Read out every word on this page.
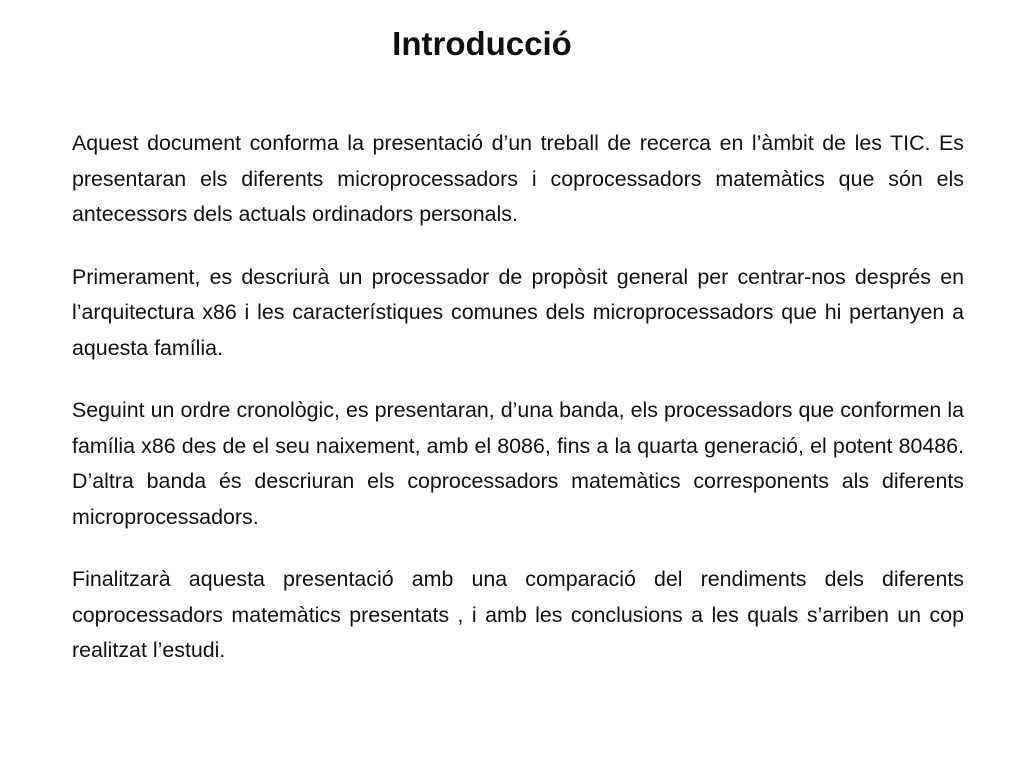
Introducció

Aquest document conforma la presentació d’un treball de recerca en l’àmbit de les TIC. Es presentaran els diferents microprocessadors i coprocessadors matemàtics que són els antecessors dels actuals ordinadors personals.

Primerament, es descriurà un processador de propòsit general per centrar-nos després en l’arquitectura x86 i les característiques comunes dels microprocessadors que hi pertanyen a aquesta família.

Seguint un ordre cronològic, es presentaran, d’una banda, els processadors que conformen la família x86 des de el seu naixement, amb el 8086, fins a la quarta generació, el potent 80486. D’altra banda és descriuran els coprocessadors matemàtics corresponents als diferents microprocessadors.

Finalitzarà aquesta presentació amb una comparació del rendiments dels diferents coprocessadors matemàtics presentats , i amb les conclusions a les quals s’arriben un cop realitzat l’estudi.
